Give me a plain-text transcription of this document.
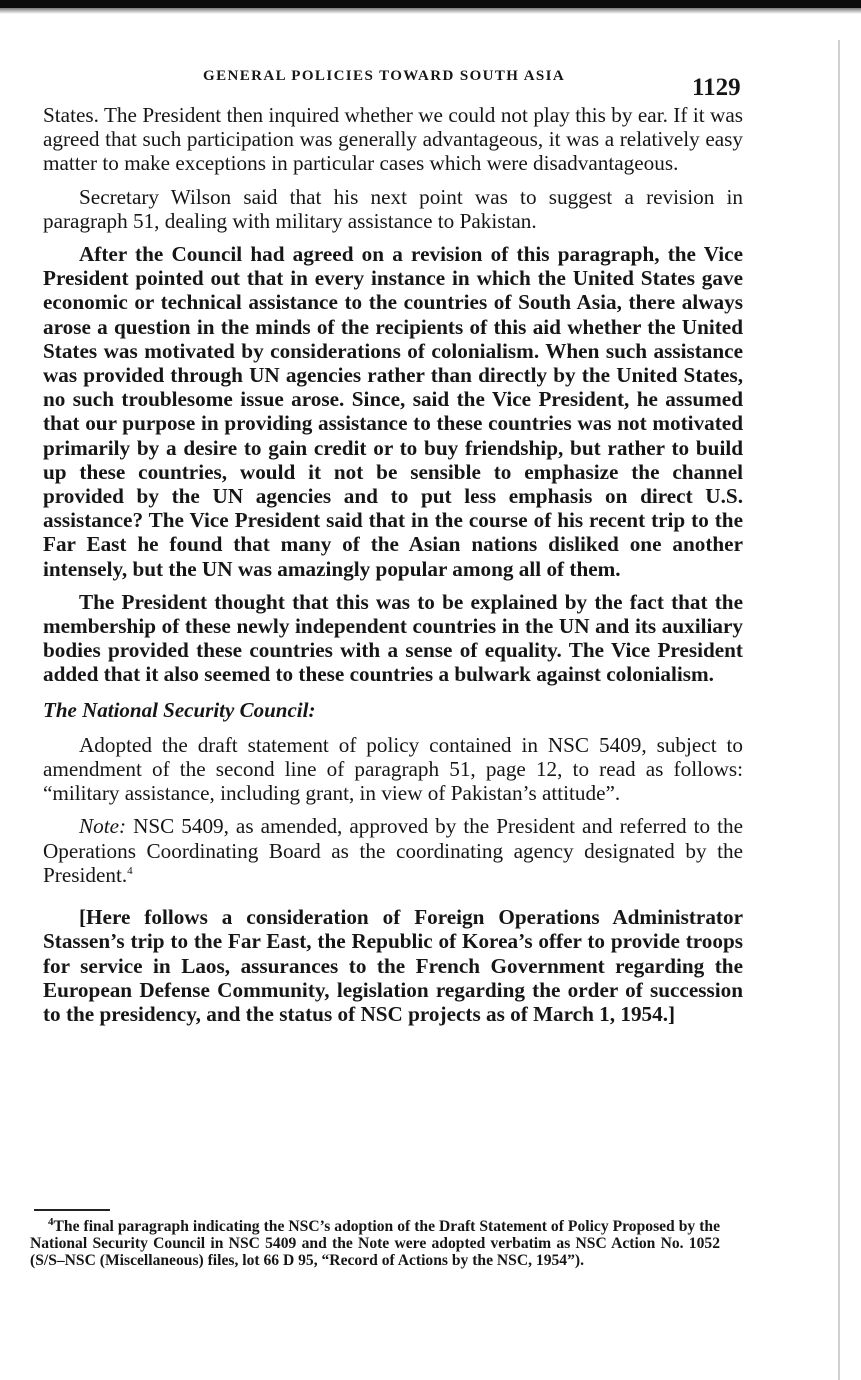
GENERAL POLICIES TOWARD SOUTH ASIA	1129

States. The President then inquired whether we could not play this by ear. If it was agreed that such participation was generally advantageous, it was a relatively easy matter to make exceptions in particular cases which were disadvantageous.

Secretary Wilson said that his next point was to suggest a revision in paragraph 51, dealing with military assistance to Pakistan.

After the Council had agreed on a revision of this paragraph, the Vice President pointed out that in every instance in which the United States gave economic or technical assistance to the countries of South Asia, there always arose a question in the minds of the recipients of this aid whether the United States was motivated by considerations of colonialism. When such assistance was provided through UN agencies rather than directly by the United States, no such troublesome issue arose. Since, said the Vice President, he assumed that our purpose in providing assistance to these countries was not motivated primarily by a desire to gain credit or to buy friendship, but rather to build up these countries, would it not be sensible to emphasize the channel provided by the UN agencies and to put less emphasis on direct U.S. assistance? The Vice President said that in the course of his recent trip to the Far East he found that many of the Asian nations disliked one another intensely, but the UN was amazingly popular among all of them.

The President thought that this was to be explained by the fact that the membership of these newly independent countries in the UN and its auxiliary bodies provided these countries with a sense of equality. The Vice President added that it also seemed to these countries a bulwark against colonialism.

The National Security Council:

Adopted the draft statement of policy contained in NSC 5409, subject to amendment of the second line of paragraph 51, page 12, to read as follows: “military assistance, including grant, in view of Pakistan’s attitude”.

Note: NSC 5409, as amended, approved by the President and referred to the Operations Coordinating Board as the coordinating agency designated by the President.$^4$

[Here follows a consideration of Foreign Operations Administrator Stassen’s trip to the Far East, the Republic of Korea’s offer to provide troops for service in Laos, assurances to the French Government regarding the European Defense Community, legislation regarding the order of succession to the presidency, and the status of NSC projects as of March 1, 1954.]

$^4$The final paragraph indicating the NSC’s adoption of the Draft Statement of Policy Proposed by the National Security Council in NSC 5409 and the Note were adopted verbatim as NSC Action No. 1052 (S/S–NSC (Miscellaneous) files, lot 66 D 95, “Record of Actions by the NSC, 1954”).
